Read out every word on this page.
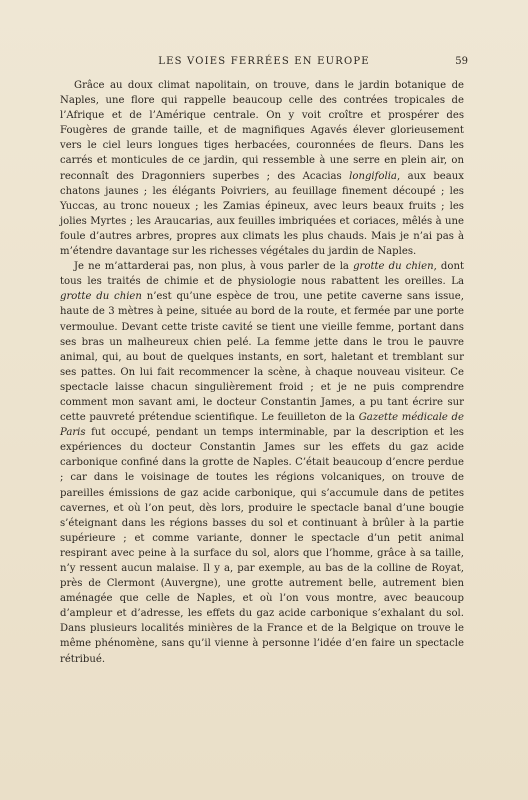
LES VOIES FERRÉES EN EUROPE	59

Grâce au doux climat napolitain, on trouve, dans le jardin botanique de Naples, une flore qui rappelle beaucoup celle des contrées tropicales de l’Afrique et de l’Amérique centrale. On y voit croître et prospérer des Fougères de grande taille, et de magnifiques Agavés élever glorieusement vers le ciel leurs longues tiges herbacées, couronnées de fleurs. Dans les carrés et monticules de ce jardin, qui ressemble à une serre en plein air, on reconnaît des Dragonniers superbes ; des Acacias longifolia, aux beaux chatons jaunes ; les élégants Poivriers, au feuillage finement découpé ; les Yuccas, au tronc noueux ; les Zamias épineux, avec leurs beaux fruits ; les jolies Myrtes ; les Araucarias, aux feuilles imbriquées et coriaces, mêlés à une foule d’autres arbres, propres aux climats les plus chauds. Mais je n’ai pas à m’étendre davantage sur les richesses végétales du jardin de Naples.

Je ne m’attarderai pas, non plus, à vous parler de la grotte du chien, dont tous les traités de chimie et de physiologie nous rabattent les oreilles. La grotte du chien n’est qu’une espèce de trou, une petite caverne sans issue, haute de 3 mètres à peine, située au bord de la route, et fermée par une porte vermoulue. Devant cette triste cavité se tient une vieille femme, portant dans ses bras un malheureux chien pelé. La femme jette dans le trou le pauvre animal, qui, au bout de quelques instants, en sort, haletant et tremblant sur ses pattes. On lui fait recommencer la scène, à chaque nouveau visiteur. Ce spectacle laisse chacun singulièrement froid ; et je ne puis comprendre comment mon savant ami, le docteur Constantin James, a pu tant écrire sur cette pauvreté prétendue scientifique. Le feuilleton de la Gazette médicale de Paris fut occupé, pendant un temps interminable, par la description et les expériences du docteur Constantin James sur les effets du gaz acide carbonique confiné dans la grotte de Naples. C’était beaucoup d’encre perdue ; car dans le voisinage de toutes les régions volcaniques, on trouve de pareilles émissions de gaz acide carbonique, qui s’accumule dans de petites cavernes, et où l’on peut, dès lors, produire le spectacle banal d’une bougie s’éteignant dans les régions basses du sol et continuant à brûler à la partie supérieure ; et comme variante, donner le spectacle d’un petit animal respirant avec peine à la surface du sol, alors que l’homme, grâce à sa taille, n’y ressent aucun malaise. Il y a, par exemple, au bas de la colline de Royat, près de Clermont (Auvergne), une grotte autrement belle, autrement bien aménagée que celle de Naples, et où l’on vous montre, avec beaucoup d’ampleur et d’adresse, les effets du gaz acide carbonique s’exhalant du sol. Dans plusieurs localités minières de la France et de la Belgique on trouve le même phénomène, sans qu’il vienne à personne l’idée d’en faire un spectacle rétribué.
